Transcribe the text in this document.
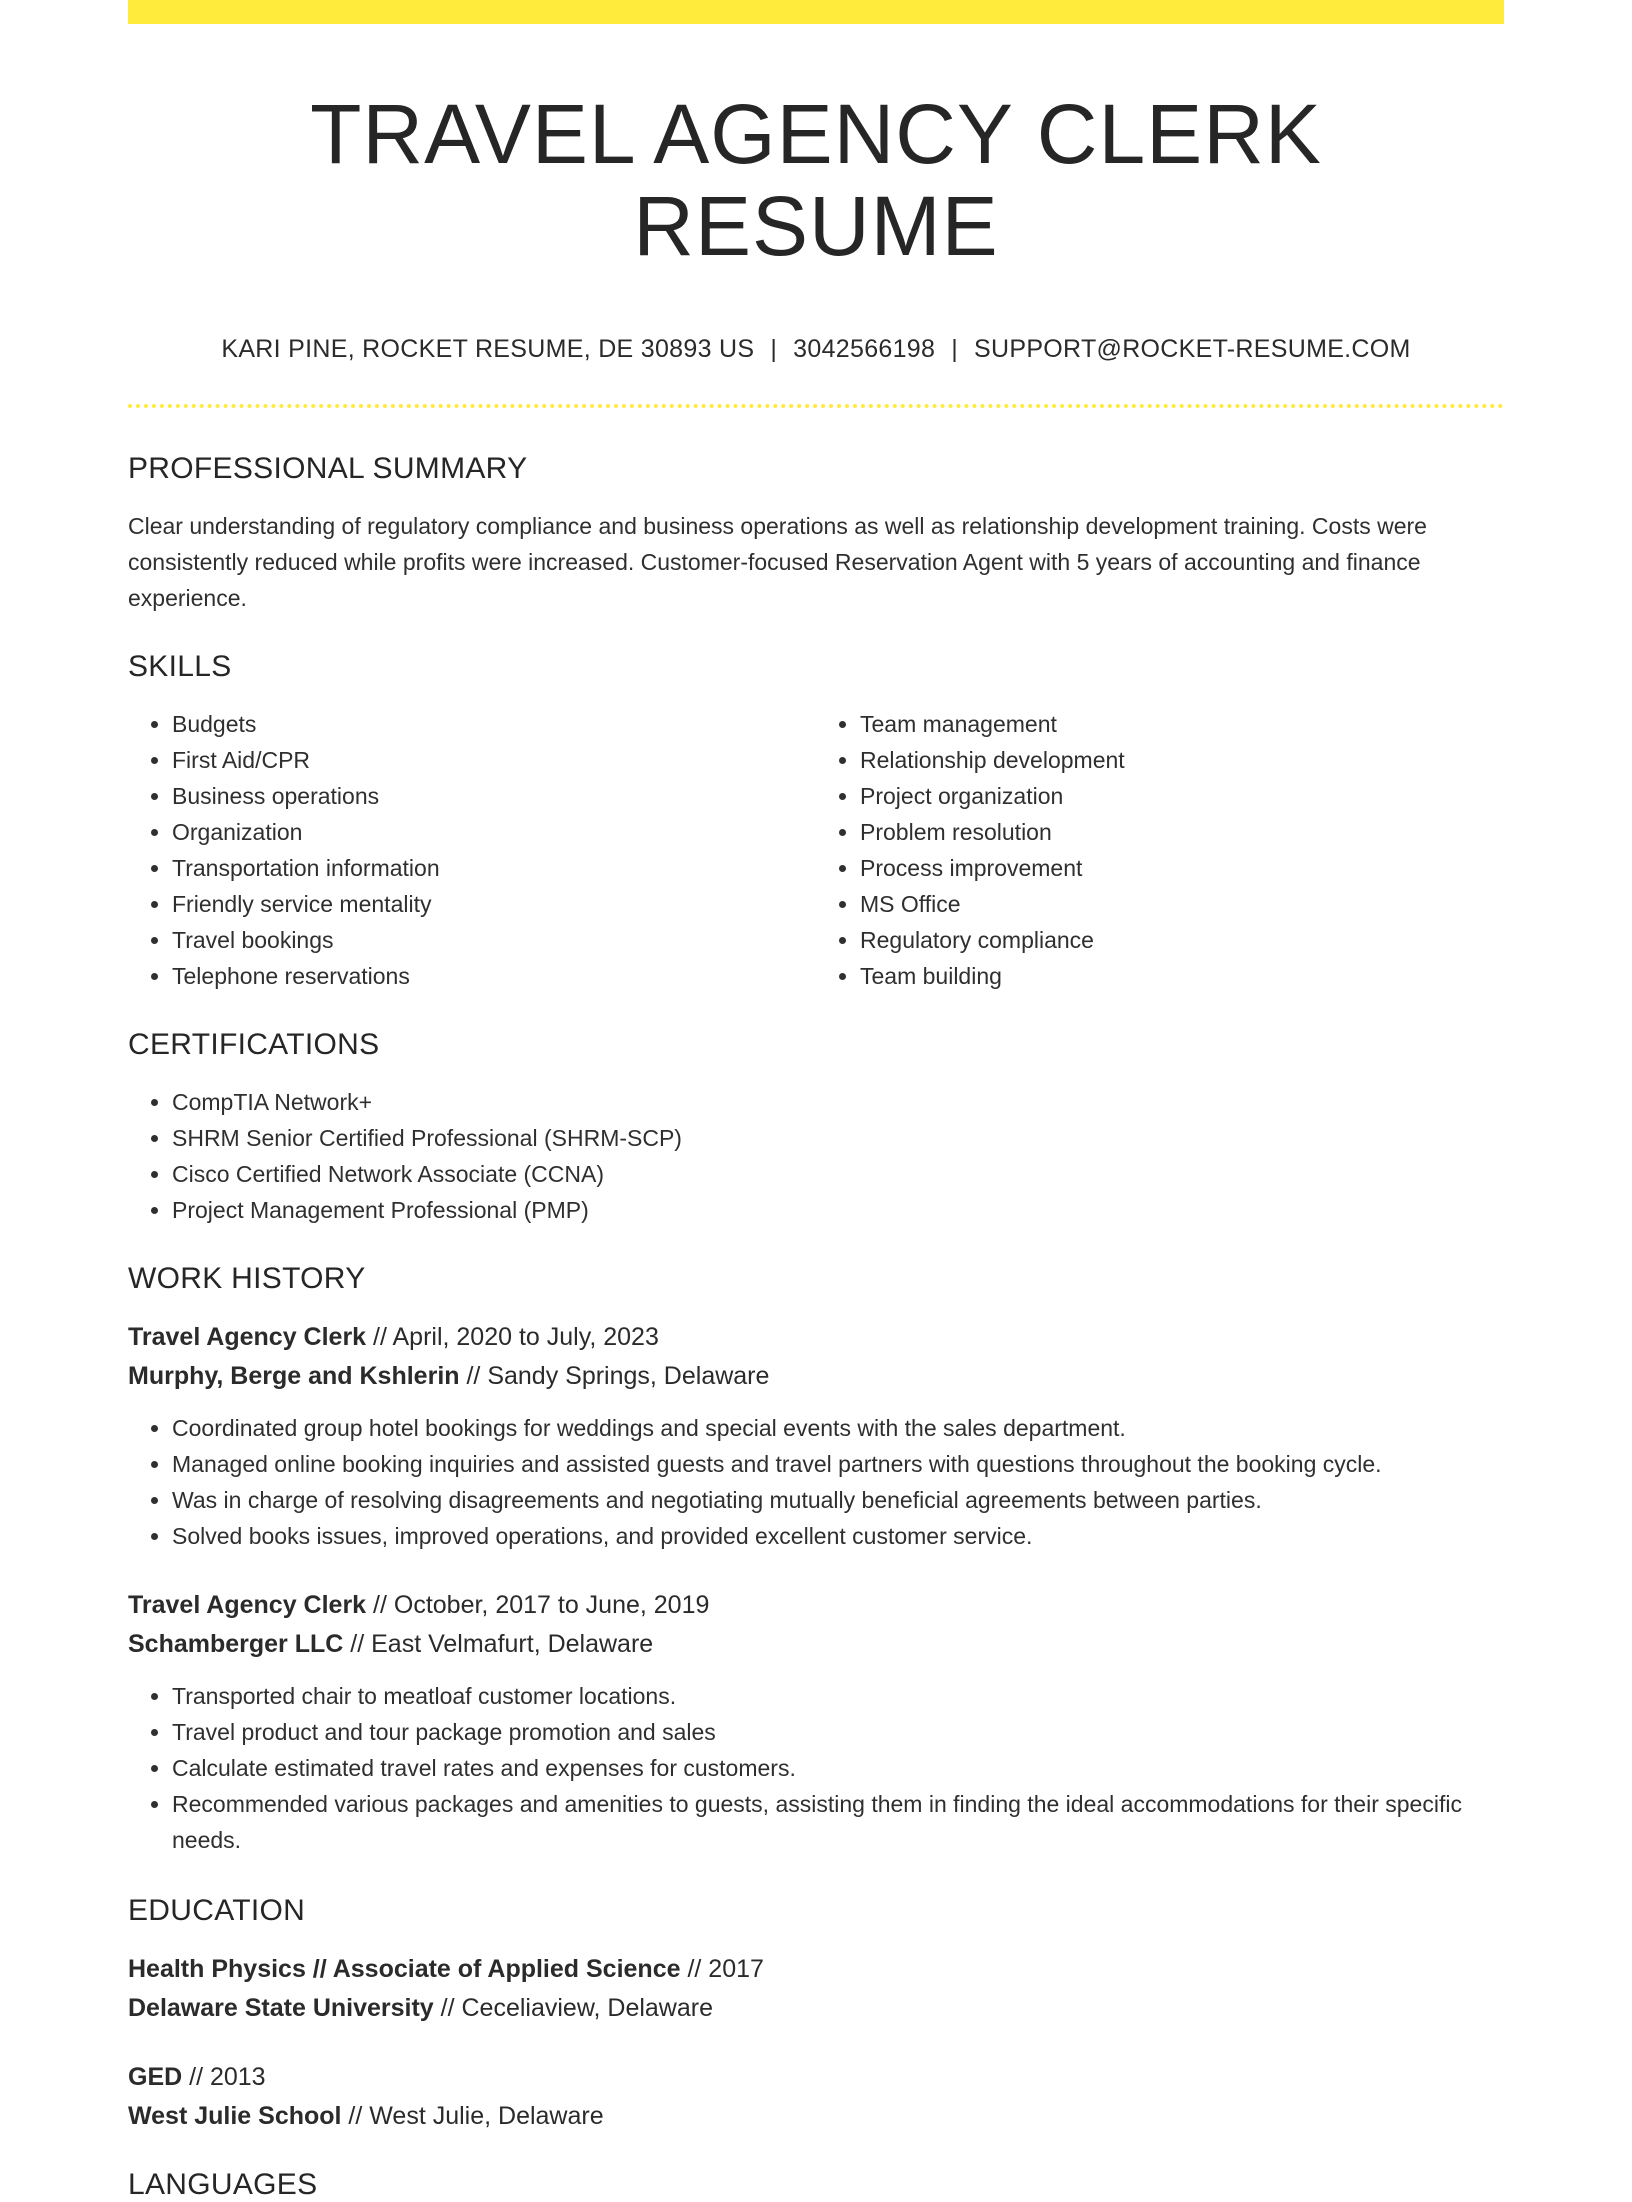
TRAVEL AGENCY CLERK RESUME
KARI PINE, ROCKET RESUME, DE 30893 US | 3042566198 | SUPPORT@ROCKET-RESUME.COM
PROFESSIONAL SUMMARY
Clear understanding of regulatory compliance and business operations as well as relationship development training. Costs were consistently reduced while profits were increased. Customer-focused Reservation Agent with 5 years of accounting and finance experience.
SKILLS
• Budgets
• First Aid/CPR
• Business operations
• Organization
• Transportation information
• Friendly service mentality
• Travel bookings
• Telephone reservations
• Team management
• Relationship development
• Project organization
• Problem resolution
• Process improvement
• MS Office
• Regulatory compliance
• Team building
CERTIFICATIONS
• CompTIA Network+
• SHRM Senior Certified Professional (SHRM-SCP)
• Cisco Certified Network Associate (CCNA)
• Project Management Professional (PMP)
WORK HISTORY
Travel Agency Clerk // April, 2020 to July, 2023
Murphy, Berge and Kshlerin // Sandy Springs, Delaware
• Coordinated group hotel bookings for weddings and special events with the sales department.
• Managed online booking inquiries and assisted guests and travel partners with questions throughout the booking cycle.
• Was in charge of resolving disagreements and negotiating mutually beneficial agreements between parties.
• Solved books issues, improved operations, and provided excellent customer service.
Travel Agency Clerk // October, 2017 to June, 2019
Schamberger LLC // East Velmafurt, Delaware
• Transported chair to meatloaf customer locations.
• Travel product and tour package promotion and sales
• Calculate estimated travel rates and expenses for customers.
• Recommended various packages and amenities to guests, assisting them in finding the ideal accommodations for their specific needs.
EDUCATION
Health Physics // Associate of Applied Science // 2017
Delaware State University // Ceceliaview, Delaware
GED // 2013
West Julie School // West Julie, Delaware
LANGUAGES
